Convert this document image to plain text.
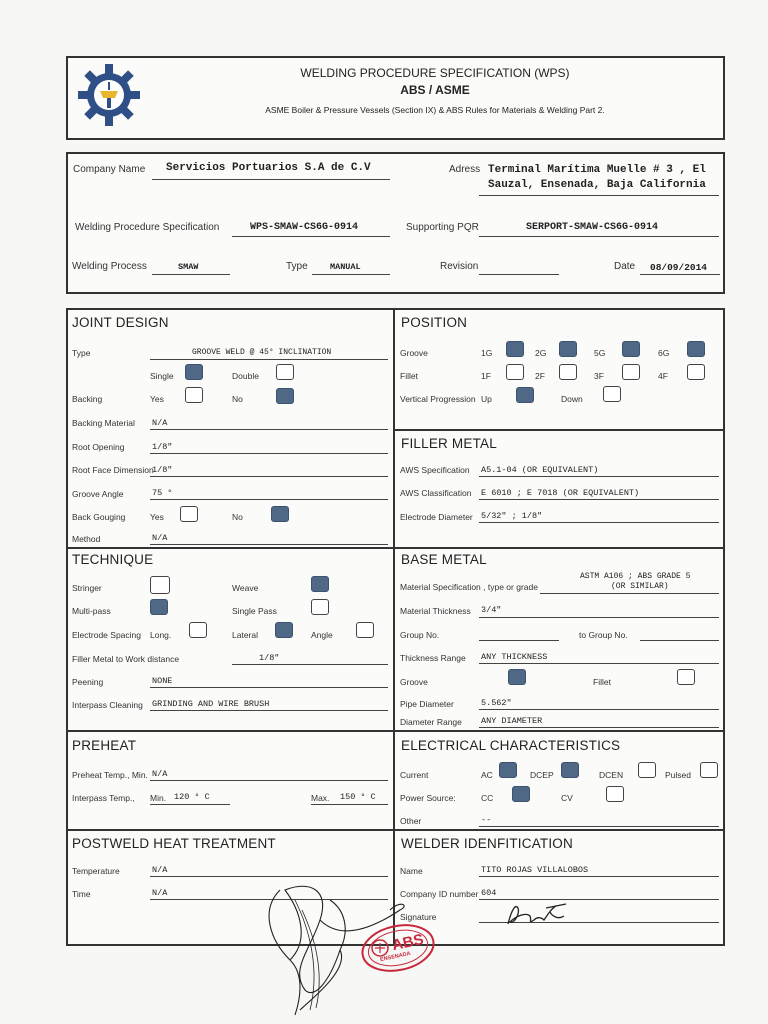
WELDING PROCEDURE SPECIFICATION (WPS)
ABS / ASME
ASME Boiler & Pressure Vessels (Section IX) & ABS Rules for Materials & Welding Part 2.
Company Name Servicios Portuarios S.A de C.V	Adress Terminal Marítima Muelle # 3 , El
Sauzal, Ensenada, Baja California
Welding Procedure Specification	WPS-SMAW-CS6G-0914	Supporting PQR	SERPORT-SMAW-CS6G-0914
Welding Process	SMAW	Type	MANUAL	Revision	Date 08/09/2014
JOINT DESIGN
Type	GROOVE WELD @ 45° INCLINATION
Single	Double
Backing	Yes	No
Backing Material N/A
Root Opening	1/8"
Root Face Dimension
1/8"
Groove Angle	75 °
Back Gouging	Yes	No
Method	N/A
POSITION
Groove	1G	2G	5G	6G
Fillet	1F	2F	3F	4F
Vertical Progression Up	Down
FILLER METAL
AWS Specification A5.1-04 (OR EQUIVALENT)
AWS Classification E 6010 ; E 7018 (OR EQUIVALENT)
Electrode Diameter 5/32" ; 1/8"
TECHNIQUE
Stringer	Weave
Multi-pass	Single Pass
Electrode Spacing Long.	Lateral	Angle
Filler Metal to Work distance	1/8"
Peening	NONE
Interpass Cleaning GRINDING AND WIRE BRUSH
BASE METAL
ASTM A106 ; ABS GRADE 5
(OR SIMILAR)
Material Specification , type or grade
Material Thickness 3/4"
Group No.	to Group No.
Thickness Range ANY THICKNESS
Groove	Fillet
Pipe Diameter	5.562"
Diameter Range ANY DIAMETER
PREHEAT
Preheat Temp., Min. N/A
Interpass Temp., Min. 120 ° C	Max. 150 ° C
ELECTRICAL CHARACTERISTICS
Current	AC	DCEP	DCEN	Pulsed
Power Source:	CC	CV
Other	--
POSTWELD HEAT TREATMENT
Temperature	N/A
Time	N/A
WELDER IDENFITICATION
Name	TITO ROJAS VILLALOBOS
Company ID number 604
Signature
ABS
ENSENADA
